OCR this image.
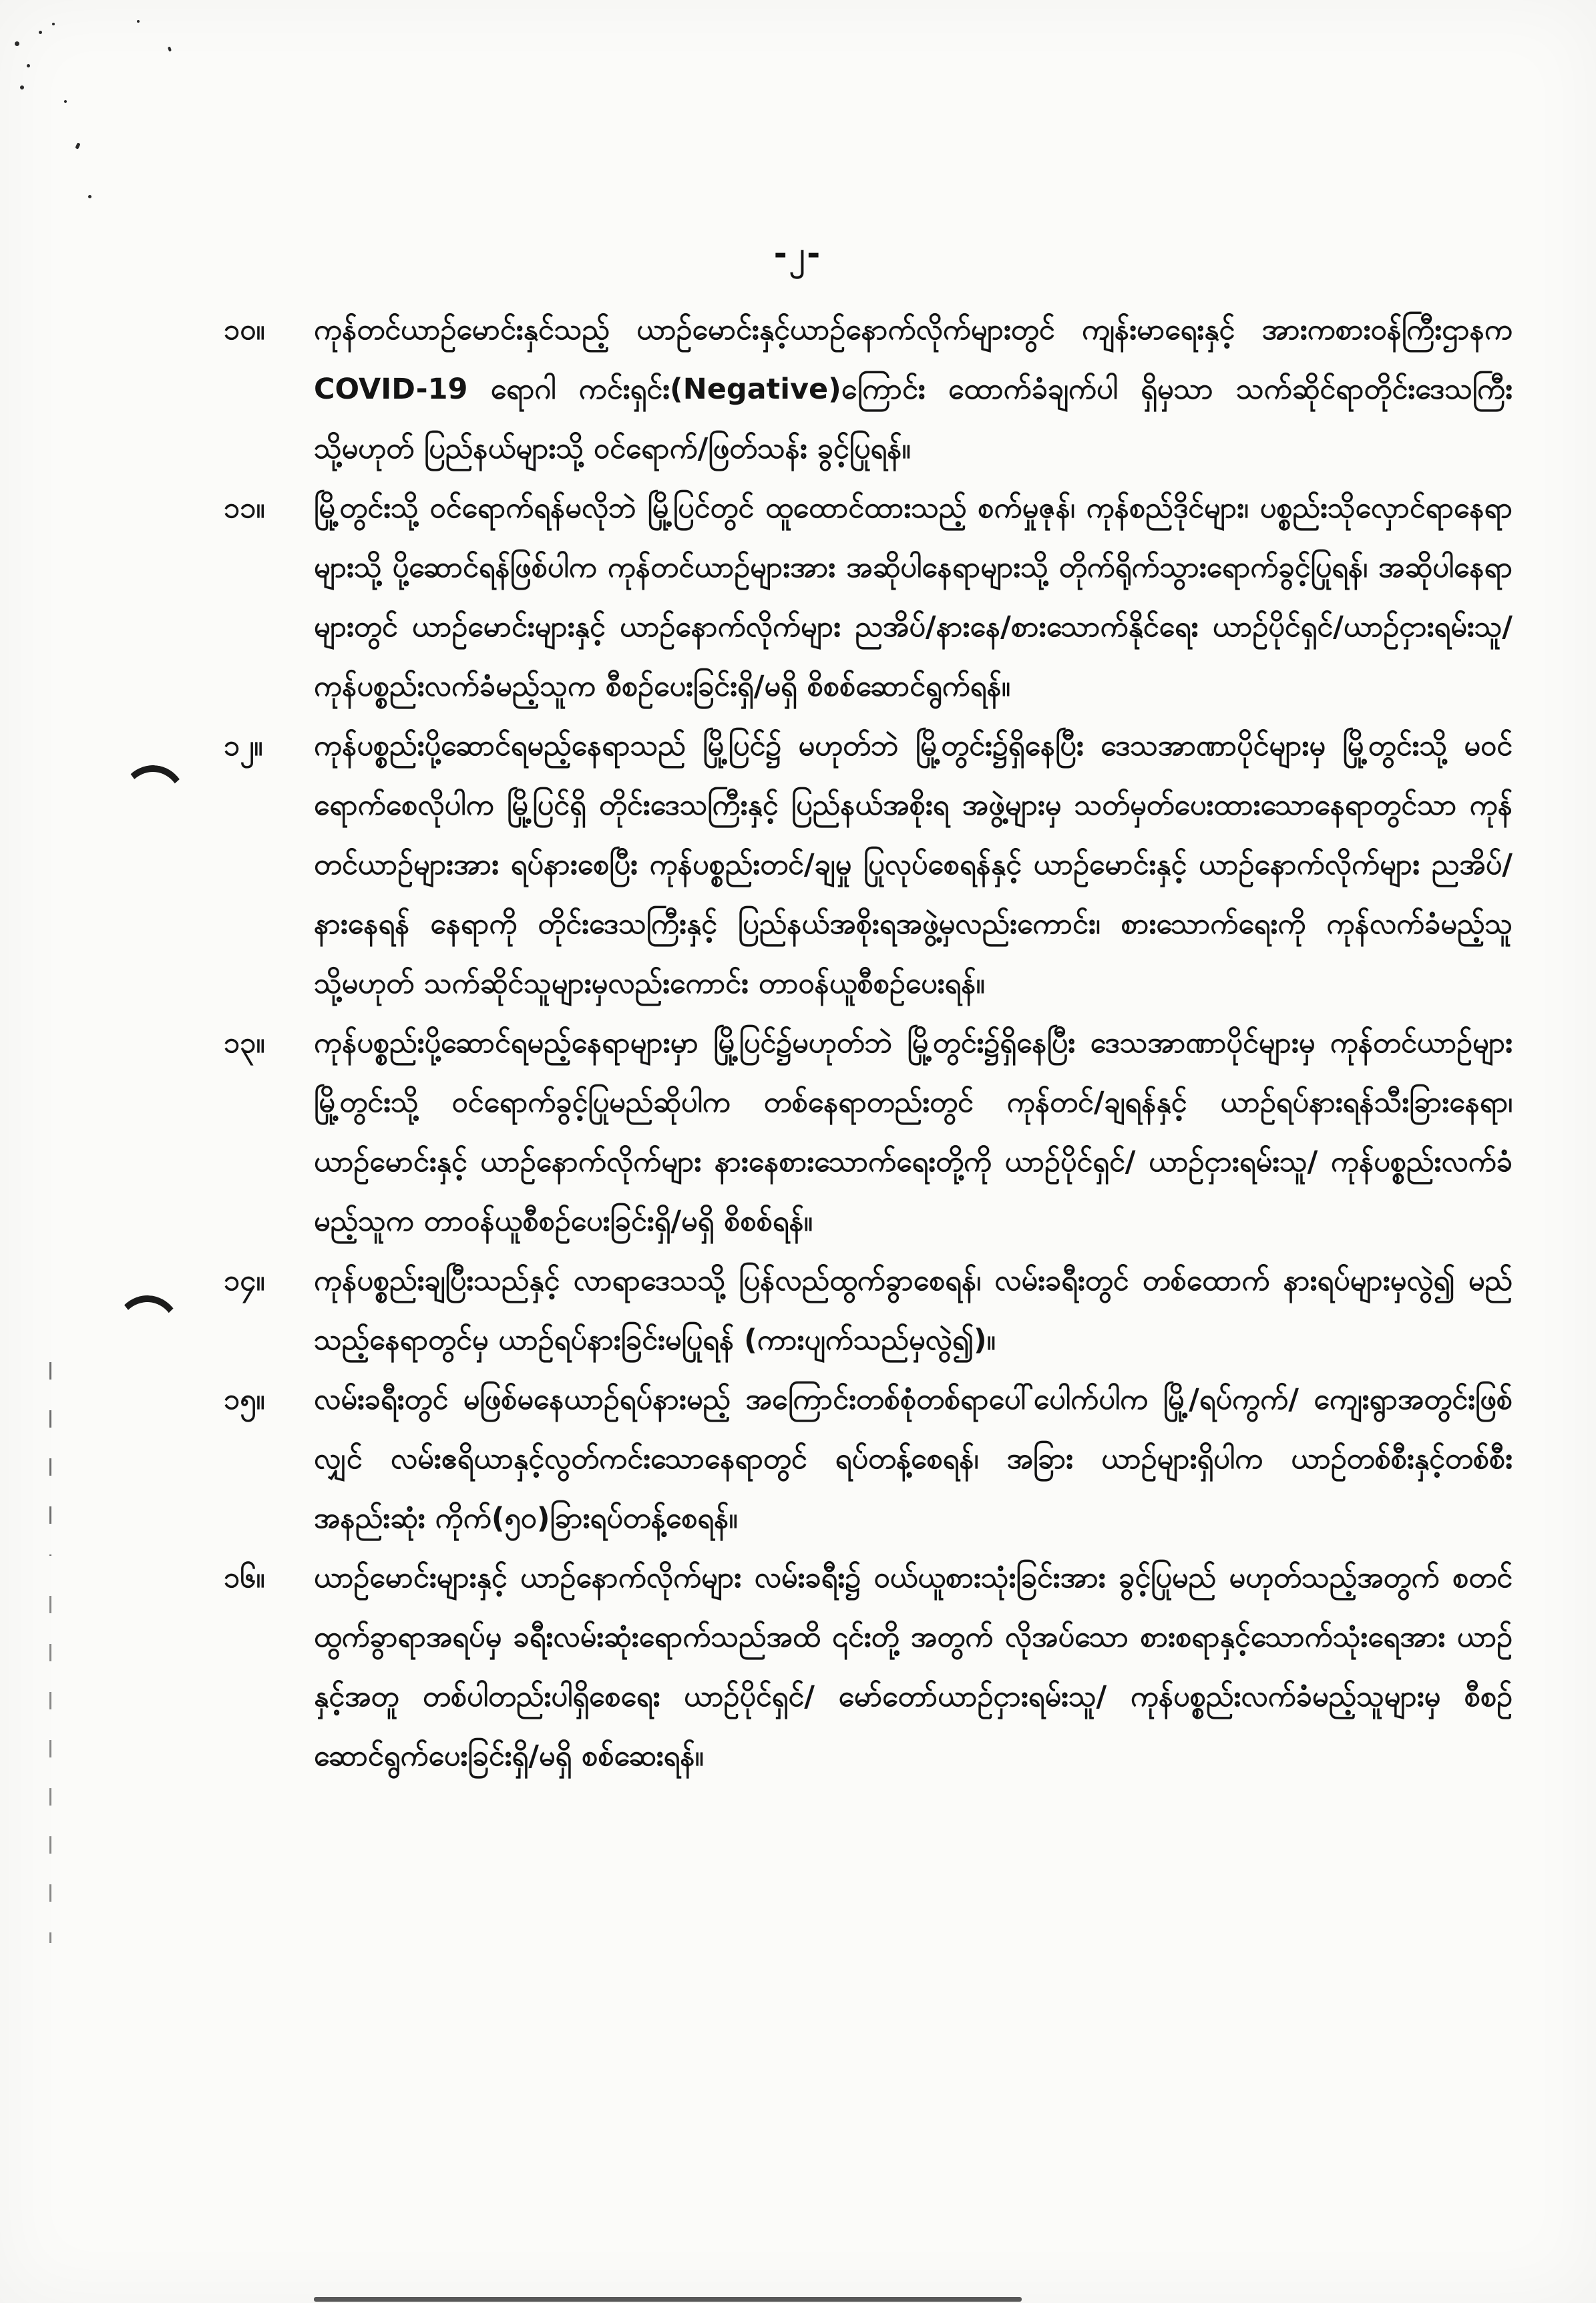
-၂-
၁၀။	ကုန်တင်ယာဉ်မောင်းနှင်သည့် ယာဉ်မောင်းနှင့်ယာဉ်နောက်လိုက်များတွင် ကျန်းမာရေးနှင့် အားကစားဝန်ကြီးဌာနက COVID-19 ရောဂါ ကင်းရှင်း(Negative)ကြောင်း ထောက်ခံချက်ပါ ရှိမှသာ သက်ဆိုင်ရာတိုင်းဒေသကြီး သို့မဟုတ် ပြည်နယ်များသို့ ဝင်ရောက်/ဖြတ်သန်း ခွင့်ပြုရန်။
၁၁။	မြို့တွင်းသို့ ဝင်ရောက်ရန်မလိုဘဲ မြို့ပြင်တွင် ထူထောင်ထားသည့် စက်မှုဇုန်၊ ကုန်စည်ဒိုင်များ၊ ပစ္စည်းသိုလှောင်ရာနေရာများသို့ ပို့ဆောင်ရန်ဖြစ်ပါက ကုန်တင်ယာဉ်များအား အဆိုပါနေရာများသို့ တိုက်ရိုက်သွားရောက်ခွင့်ပြုရန်၊ အဆိုပါနေရာများတွင် ယာဉ်မောင်းများနှင့် ယာဉ်နောက်လိုက်များ ညအိပ်/နားနေ/စားသောက်နိုင်ရေး ယာဉ်ပိုင်ရှင်/ယာဉ်ငှားရမ်းသူ/ ကုန်ပစ္စည်းလက်ခံမည့်သူက စီစဉ်ပေးခြင်းရှိ/မရှိ စိစစ်ဆောင်ရွက်ရန်။
၁၂။	ကုန်ပစ္စည်းပို့ဆောင်ရမည့်နေရာသည် မြို့ပြင်၌ မဟုတ်ဘဲ မြို့တွင်း၌ရှိနေပြီး ဒေသအာဏာပိုင်များမှ မြို့တွင်းသို့ မဝင်ရောက်စေလိုပါက မြို့ပြင်ရှိ တိုင်းဒေသကြီးနှင့် ပြည်နယ်အစိုးရ အဖွဲ့များမှ သတ်မှတ်ပေးထားသောနေရာတွင်သာ ကုန်တင်ယာဉ်များအား ရပ်နားစေပြီး ကုန်ပစ္စည်းတင်/ချမှု ပြုလုပ်စေရန်နှင့် ယာဉ်မောင်းနှင့် ယာဉ်နောက်လိုက်များ ညအိပ်/နားနေရန် နေရာကို တိုင်းဒေသကြီးနှင့် ပြည်နယ်အစိုးရအဖွဲ့မှလည်းကောင်း၊ စားသောက်ရေးကို ကုန်လက်ခံမည့်သူ သို့မဟုတ် သက်ဆိုင်သူများမှလည်းကောင်း တာဝန်ယူစီစဉ်ပေးရန်။
၁၃။	ကုန်ပစ္စည်းပို့ဆောင်ရမည့်နေရာများမှာ မြို့ပြင်၌မဟုတ်ဘဲ မြို့တွင်း၌ရှိနေပြီး ဒေသအာဏာပိုင်များမှ ကုန်တင်ယာဉ်များ မြို့တွင်းသို့ ဝင်ရောက်ခွင့်ပြုမည်ဆိုပါက တစ်နေရာတည်းတွင် ကုန်တင်/ချရန်နှင့် ယာဉ်ရပ်နားရန်သီးခြားနေရာ၊ ယာဉ်မောင်းနှင့် ယာဉ်နောက်လိုက်များ နားနေစားသောက်ရေးတို့ကို ယာဉ်ပိုင်ရှင်/ ယာဉ်ငှားရမ်းသူ/ ကုန်ပစ္စည်းလက်ခံမည့်သူက တာဝန်ယူစီစဉ်ပေးခြင်းရှိ/မရှိ စိစစ်ရန်။
၁၄။	ကုန်ပစ္စည်းချပြီးသည်နှင့် လာရာဒေသသို့ ပြန်လည်ထွက်ခွာစေရန်၊ လမ်းခရီးတွင် တစ်ထောက် နားရပ်များမှလွဲ၍ မည်သည့်နေရာတွင်မှ ယာဉ်ရပ်နားခြင်းမပြုရန် (ကားပျက်သည်မှလွဲ၍)။
၁၅။	လမ်းခရီးတွင် မဖြစ်မနေယာဉ်ရပ်နားမည့် အကြောင်းတစ်စုံတစ်ရာပေါ်ပေါက်ပါက မြို့/ရပ်ကွက်/ ကျေးရွာအတွင်းဖြစ်လျှင် လမ်းဧရိယာနှင့်လွတ်ကင်းသောနေရာတွင် ရပ်တန့်စေရန်၊ အခြား ယာဉ်များရှိပါက ယာဉ်တစ်စီးနှင့်တစ်စီး အနည်းဆုံး ကိုက်(၅၀)ခြားရပ်တန့်စေရန်။
၁၆။	ယာဉ်မောင်းများနှင့် ယာဉ်နောက်လိုက်များ လမ်းခရီး၌ ဝယ်ယူစားသုံးခြင်းအား ခွင့်ပြုမည် မဟုတ်သည့်အတွက် စတင်ထွက်ခွာရာအရပ်မှ ခရီးလမ်းဆုံးရောက်သည်အထိ ၎င်းတို့ အတွက် လိုအပ်သော စားစရာနှင့်သောက်သုံးရေအား ယာဉ်နှင့်အတူ တစ်ပါတည်းပါရှိစေရေး ယာဉ်ပိုင်ရှင်/ မော်တော်ယာဉ်ငှားရမ်းသူ/ ကုန်ပစ္စည်းလက်ခံမည့်သူများမှ စီစဉ်ဆောင်ရွက်ပေးခြင်းရှိ/မရှိ စစ်ဆေးရန်။
